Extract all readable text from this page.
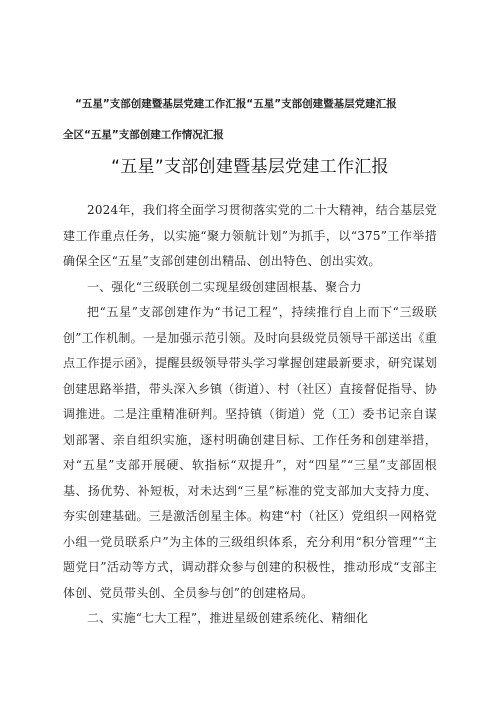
“五星”支部创建暨基层党建工作汇报“五星”支部创建暨基层党建汇报
全区“五星”支部创建工作情况汇报
“五星”支部创建暨基层党建工作汇报

2024年，我们将全面学习贯彻落实党的二十大精神，结合基层党建工作重点任务，以实施“聚力领航计划”为抓手，以“375”工作举措确保全区“五星”支部创建创出精品、创出特色、创出实效。

一、强化“三级联创二实现星级创建固根基、聚合力

把“五星”支部创建作为“书记工程”，持续推行自上而下“三级联创”工作机制。一是加强示范引领。及时向县级党员领导干部送出《重点工作提示函》，提醒县级领导带头学习掌握创建最新要求，研究谋划创建思路举措，带头深入乡镇（街道）、村（社区）直接督促指导、协调推进。二是注重精准研判。坚持镇（街道）党（工）委书记亲自谋划部署、亲自组织实施，逐村明确创建目标、工作任务和创建举措，对“五星”支部开展硬、软指标“双提升”，对“四星”“三星”支部固根基、扬优势、补短板，对未达到“三星”标准的党支部加大支持力度、夯实创建基础。三是激活创星主体。构建“村（社区）党组织一网格党小组一党员联系户”为主体的三级组织体系，充分利用“积分管理”“主题党日”活动等方式，调动群众参与创建的积极性，推动形成“支部主体创、党员带头创、全员参与创”的创建格局。

二、实施“七大工程”，推进星级创建系统化、精细化
